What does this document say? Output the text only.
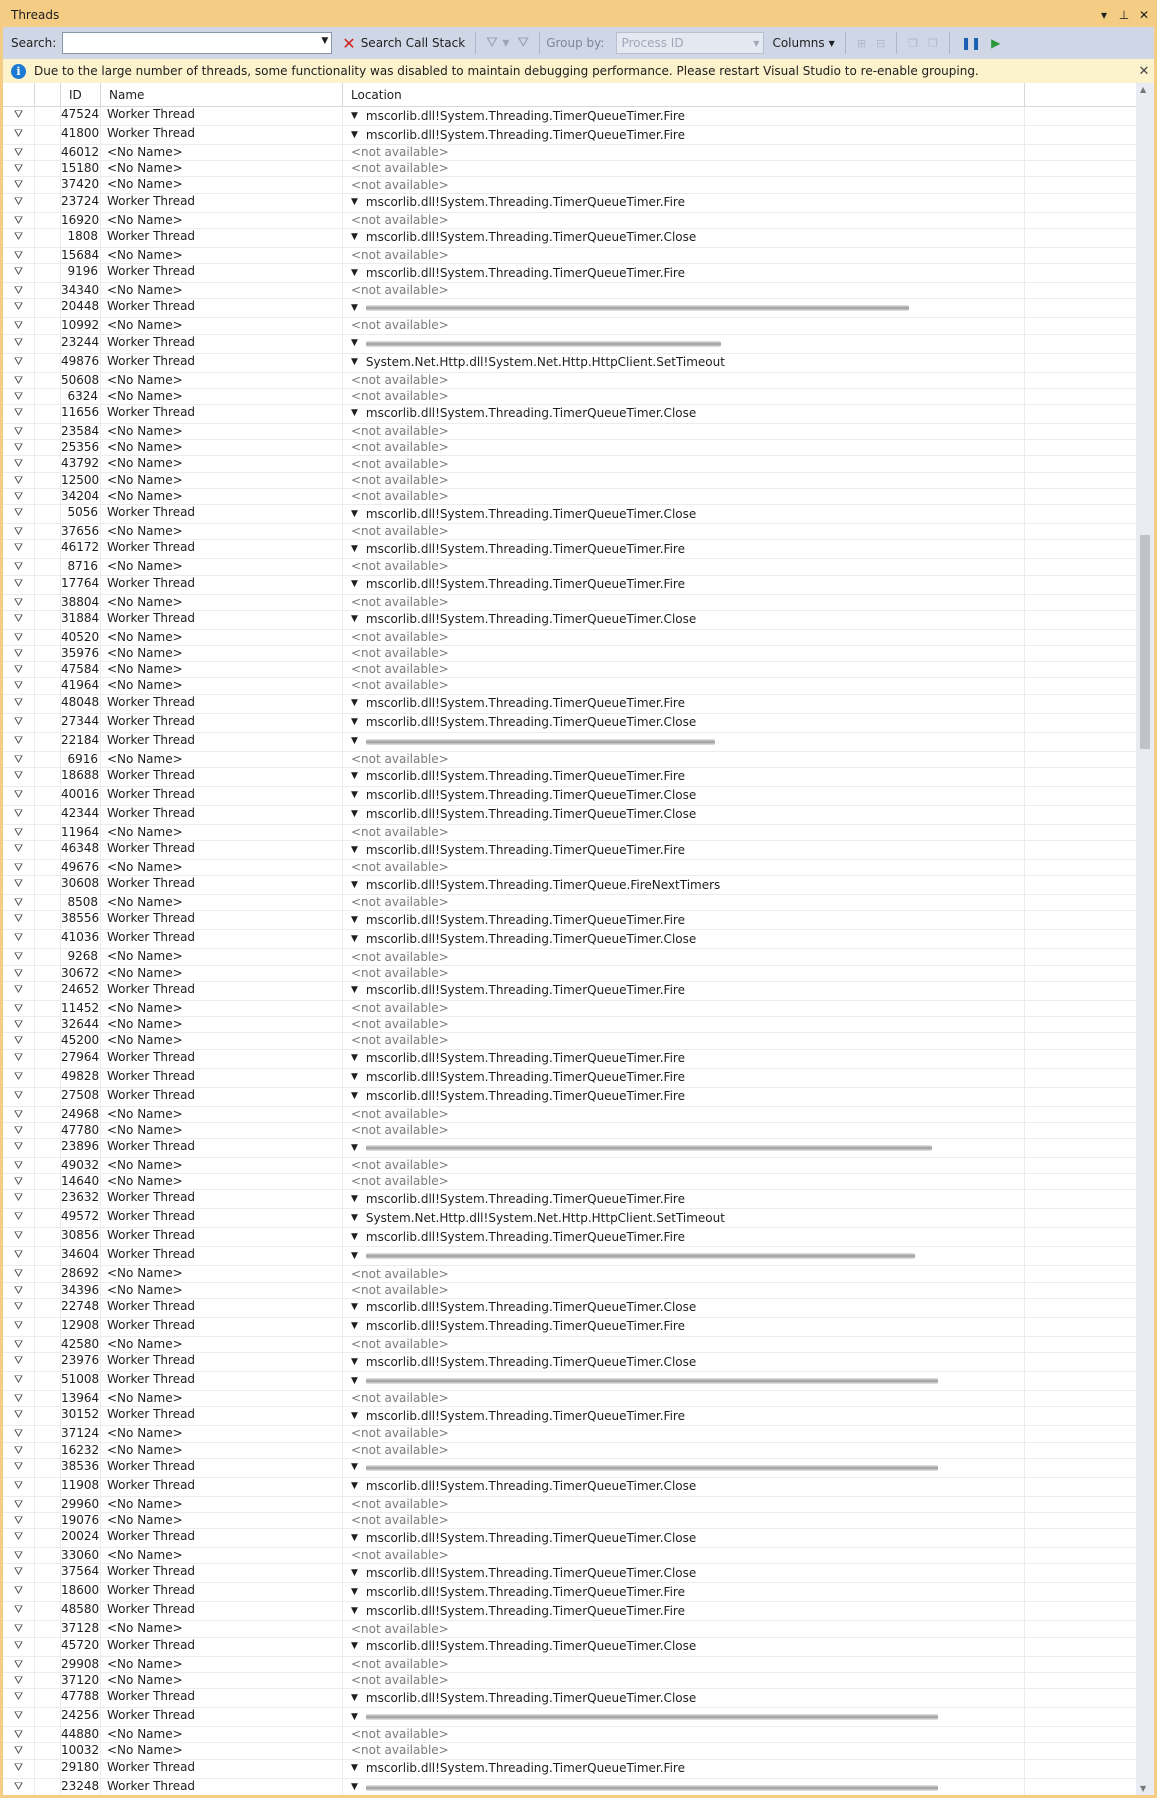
Threads	▾ ⊥ ✕
Search:	▼ ✕ Search Call Stack ⛛ ▾ ⛛	Group by: Process ID	▼ Columns ▼	⊞ ⊟	❐ ❐	❚❚ ▶
i	Due to the large number of threads, some functionality was disabled to maintain debugging performance. Please restart Visual Studio to re-enable grouping.	✕
ID	Name	Location
⛛	47524 Worker Thread	▼ mscorlib.dll!System.Threading.TimerQueueTimer.Fire
⛛	41800 Worker Thread	▼ mscorlib.dll!System.Threading.TimerQueueTimer.Fire
⛛	46012 <No Name>	<not available>
⛛	15180 <No Name>	<not available>
⛛	37420 <No Name>	<not available>
⛛	23724 Worker Thread	▼ mscorlib.dll!System.Threading.TimerQueueTimer.Fire
⛛	16920 <No Name>	<not available>
⛛	1808 Worker Thread	▼ mscorlib.dll!System.Threading.TimerQueueTimer.Close
⛛	15684 <No Name>	<not available>
⛛	9196 Worker Thread	▼ mscorlib.dll!System.Threading.TimerQueueTimer.Fire
⛛	34340 <No Name>	<not available>
⛛	20448 Worker Thread	▼
⛛	10992 <No Name>	<not available>
⛛	23244 Worker Thread	▼
⛛	49876 Worker Thread	▼ System.Net.Http.dll!System.Net.Http.HttpClient.SetTimeout
⛛	50608 <No Name>	<not available>
⛛	6324 <No Name>	<not available>
⛛	11656 Worker Thread	▼ mscorlib.dll!System.Threading.TimerQueueTimer.Close
⛛	23584 <No Name>	<not available>
⛛	25356 <No Name>	<not available>
⛛	43792 <No Name>	<not available>
⛛	12500 <No Name>	<not available>
⛛	34204 <No Name>	<not available>
⛛	5056 Worker Thread	▼ mscorlib.dll!System.Threading.TimerQueueTimer.Close
⛛	37656 <No Name>	<not available>
⛛	46172 Worker Thread	▼ mscorlib.dll!System.Threading.TimerQueueTimer.Fire
⛛	8716 <No Name>	<not available>
⛛	17764 Worker Thread	▼ mscorlib.dll!System.Threading.TimerQueueTimer.Fire
⛛	38804 <No Name>	<not available>
⛛	31884 Worker Thread	▼ mscorlib.dll!System.Threading.TimerQueueTimer.Close
⛛	40520 <No Name>	<not available>
⛛	35976 <No Name>	<not available>
⛛	47584 <No Name>	<not available>
⛛	41964 <No Name>	<not available>
⛛	48048 Worker Thread	▼ mscorlib.dll!System.Threading.TimerQueueTimer.Fire
⛛	27344 Worker Thread	▼ mscorlib.dll!System.Threading.TimerQueueTimer.Close
⛛	22184 Worker Thread	▼
⛛	6916 <No Name>	<not available>
⛛	18688 Worker Thread	▼ mscorlib.dll!System.Threading.TimerQueueTimer.Fire
⛛	40016 Worker Thread	▼ mscorlib.dll!System.Threading.TimerQueueTimer.Close
⛛	42344 Worker Thread	▼ mscorlib.dll!System.Threading.TimerQueueTimer.Close
⛛	11964 <No Name>	<not available>
⛛	46348 Worker Thread	▼ mscorlib.dll!System.Threading.TimerQueueTimer.Fire
⛛	49676 <No Name>	<not available>
⛛	30608 Worker Thread	▼ mscorlib.dll!System.Threading.TimerQueue.FireNextTimers
⛛	8508 <No Name>	<not available>
⛛	38556 Worker Thread	▼ mscorlib.dll!System.Threading.TimerQueueTimer.Fire
⛛	41036 Worker Thread	▼ mscorlib.dll!System.Threading.TimerQueueTimer.Close
⛛	9268 <No Name>	<not available>
⛛	30672 <No Name>	<not available>
⛛	24652 Worker Thread	▼ mscorlib.dll!System.Threading.TimerQueueTimer.Fire
⛛	11452 <No Name>	<not available>
⛛	32644 <No Name>	<not available>
⛛	45200 <No Name>	<not available>
⛛	27964 Worker Thread	▼ mscorlib.dll!System.Threading.TimerQueueTimer.Fire
⛛	49828 Worker Thread	▼ mscorlib.dll!System.Threading.TimerQueueTimer.Fire
⛛	27508 Worker Thread	▼ mscorlib.dll!System.Threading.TimerQueueTimer.Fire
⛛	24968 <No Name>	<not available>
⛛	47780 <No Name>	<not available>
⛛	23896 Worker Thread	▼
⛛	49032 <No Name>	<not available>
⛛	14640 <No Name>	<not available>
⛛	23632 Worker Thread	▼ mscorlib.dll!System.Threading.TimerQueueTimer.Fire
⛛	49572 Worker Thread	▼ System.Net.Http.dll!System.Net.Http.HttpClient.SetTimeout
⛛	30856 Worker Thread	▼ mscorlib.dll!System.Threading.TimerQueueTimer.Fire
⛛	34604 Worker Thread	▼
⛛	28692 <No Name>	<not available>
⛛	34396 <No Name>	<not available>
⛛	22748 Worker Thread	▼ mscorlib.dll!System.Threading.TimerQueueTimer.Close
⛛	12908 Worker Thread	▼ mscorlib.dll!System.Threading.TimerQueueTimer.Fire
⛛	42580 <No Name>	<not available>
⛛	23976 Worker Thread	▼ mscorlib.dll!System.Threading.TimerQueueTimer.Close
⛛	51008 Worker Thread	▼
⛛	13964 <No Name>	<not available>
⛛	30152 Worker Thread	▼ mscorlib.dll!System.Threading.TimerQueueTimer.Fire
⛛	37124 <No Name>	<not available>
⛛	16232 <No Name>	<not available>
⛛	38536 Worker Thread	▼
⛛	11908 Worker Thread	▼ mscorlib.dll!System.Threading.TimerQueueTimer.Close
⛛	29960 <No Name>	<not available>
⛛	19076 <No Name>	<not available>
⛛	20024 Worker Thread	▼ mscorlib.dll!System.Threading.TimerQueueTimer.Close
⛛	33060 <No Name>	<not available>
⛛	37564 Worker Thread	▼ mscorlib.dll!System.Threading.TimerQueueTimer.Close
⛛	18600 Worker Thread	▼ mscorlib.dll!System.Threading.TimerQueueTimer.Fire
⛛	48580 Worker Thread	▼ mscorlib.dll!System.Threading.TimerQueueTimer.Fire
⛛	37128 <No Name>	<not available>
⛛	45720 Worker Thread	▼ mscorlib.dll!System.Threading.TimerQueueTimer.Close
⛛	29908 <No Name>	<not available>
⛛	37120 <No Name>	<not available>
⛛	47788 Worker Thread	▼ mscorlib.dll!System.Threading.TimerQueueTimer.Close
⛛	24256 Worker Thread	▼
⛛	44880 <No Name>	<not available>
⛛	10032 <No Name>	<not available>
⛛	29180 Worker Thread	▼ mscorlib.dll!System.Threading.TimerQueueTimer.Fire
⛛	23248 Worker Thread	▼
▲
▼
